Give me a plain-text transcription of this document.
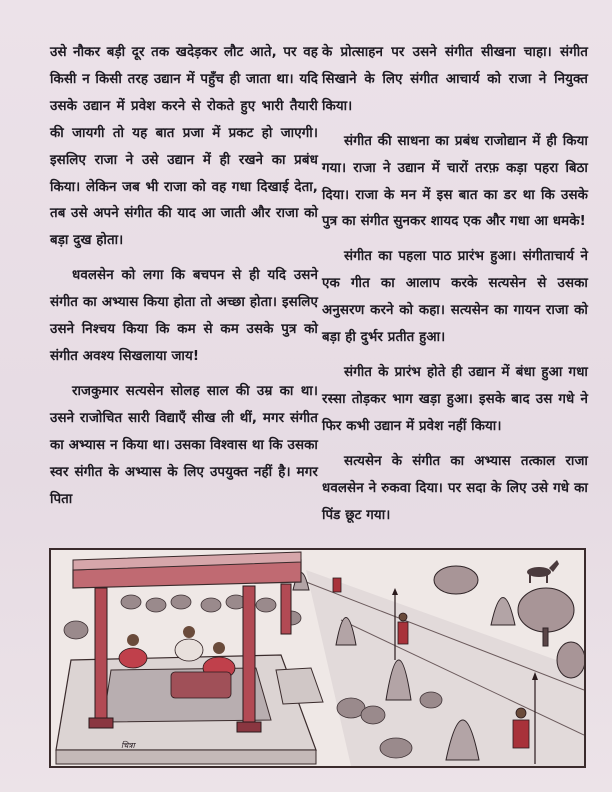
उसे नौकर बड़ी दूर तक खदेड़कर लौट आते, पर वह किसी न किसी तरह उद्यान में पहुँच ही जाता था। यदि उसके उद्यान में प्रवेश करने से रोकते हुए भारी तैयारी की जायगी तो यह बात प्रजा में प्रकट हो जाएगी। इसलिए राजा ने उसे उद्यान में ही रखने का प्रबंध किया। लेकिन जब भी राजा को वह गधा दिखाई देता, तब उसे अपने संगीत की याद आ जाती और राजा को बड़ा दुख होता।

धवलसेन को लगा कि बचपन से ही यदि उसने संगीत का अभ्यास किया होता तो अच्छा होता। इसलिए उसने निश्चय किया कि कम से कम उसके पुत्र को संगीत अवश्य सिखलाया जाय!

राजकुमार सत्यसेन सोलह साल की उम्र का था। उसने राजोचित सारी विद्याएँ सीख ली थीं, मगर संगीत का अभ्यास न किया था। उसका विश्वास था कि उसका स्वर संगीत के अभ्यास के लिए उपयुक्त नहीं है। मगर पिता

के प्रोत्साहन पर उसने संगीत सीखना चाहा। संगीत सिखाने के लिए संगीत आचार्य को राजा ने नियुक्त किया।

संगीत की साधना का प्रबंध राजोद्यान में ही किया गया। राजा ने उद्यान में चारों तरफ़ कड़ा पहरा बिठा दिया। राजा के मन में इस बात का डर था कि उसके पुत्र का संगीत सुनकर शायद एक और गधा आ धमके!

संगीत का पहला पाठ प्रारंभ हुआ। संगीताचार्य ने एक गीत का आलाप करके सत्यसेन से उसका अनुसरण करने को कहा। सत्यसेन का गायन राजा को बड़ा ही दुर्भर प्रतीत हुआ।

संगीत के प्रारंभ होते ही उद्यान में बंधा हुआ गधा रस्सा तोड़कर भाग खड़ा हुआ। इसके बाद उस गधे ने फिर कभी उद्यान में प्रवेश नहीं किया।

सत्यसेन के संगीत का अभ्यास तत्काल राजा धवलसेन ने रुकवा दिया। पर सदा के लिए उसे गधे का पिंड छूट गया।

चित्रा
